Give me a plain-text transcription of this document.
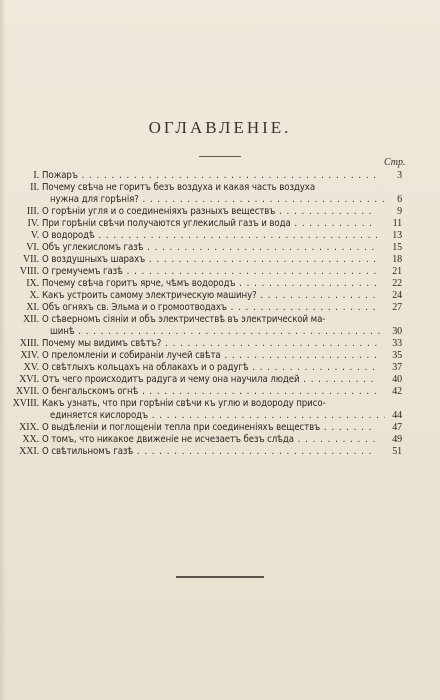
ОГЛАВЛЕНІЕ.
Стр.
I. Пожаръ . . .	3
II. Почему свѣча не горитъ безъ воздуха и какая часть воздуха
нужна для горѣнія? . . .	6
III. О горѣніи угля и о соединеніяхъ разныхъ веществъ . . .	9
IV. При горѣніи свѣчи получаются углекислый газъ и вода . . .	11
V. О водородѣ . . .	13
VI. Объ углекисломъ газѣ . . .	15
VII. О воздушныхъ шарахъ . . .	18
VIII. О гремучемъ газѣ . . .	21
IX. Почему свѣча горитъ ярче, чѣмъ водородъ . . .	22
X. Какъ устроить самому электрическую машину? . . .	24
XI. Объ огняхъ св. Эльма и о громоотводахъ . . .	27
XII. О сѣверномъ сіяніи и объ электричествѣ въ электрической ма-
шинѣ . . .	30
XIII. Почему мы видимъ свѣтъ? . . .	33
XIV. О преломленіи и собираніи лучей свѣта . . .	35
XV. О свѣтлыхъ кольцахъ на облакахъ и о радугѣ . . .	37
XVI. Отъ чего происходитъ радуга и чему она научила людей . . .	40
XVII. О бенгальскомъ огнѣ . . .	42
XVIII. Какъ узнать, что при горѣніи свѣчи къ углю и водороду присо-
единяется кислородъ . . .	44
XIX. О выдѣленіи и поглощеніи тепла при соединеніяхъ веществъ . . .	47
XX. О томъ, что никакое движеніе не исчезаетъ безъ слѣда . . .	49
XXI. О свѣтильномъ газѣ . . .	51
